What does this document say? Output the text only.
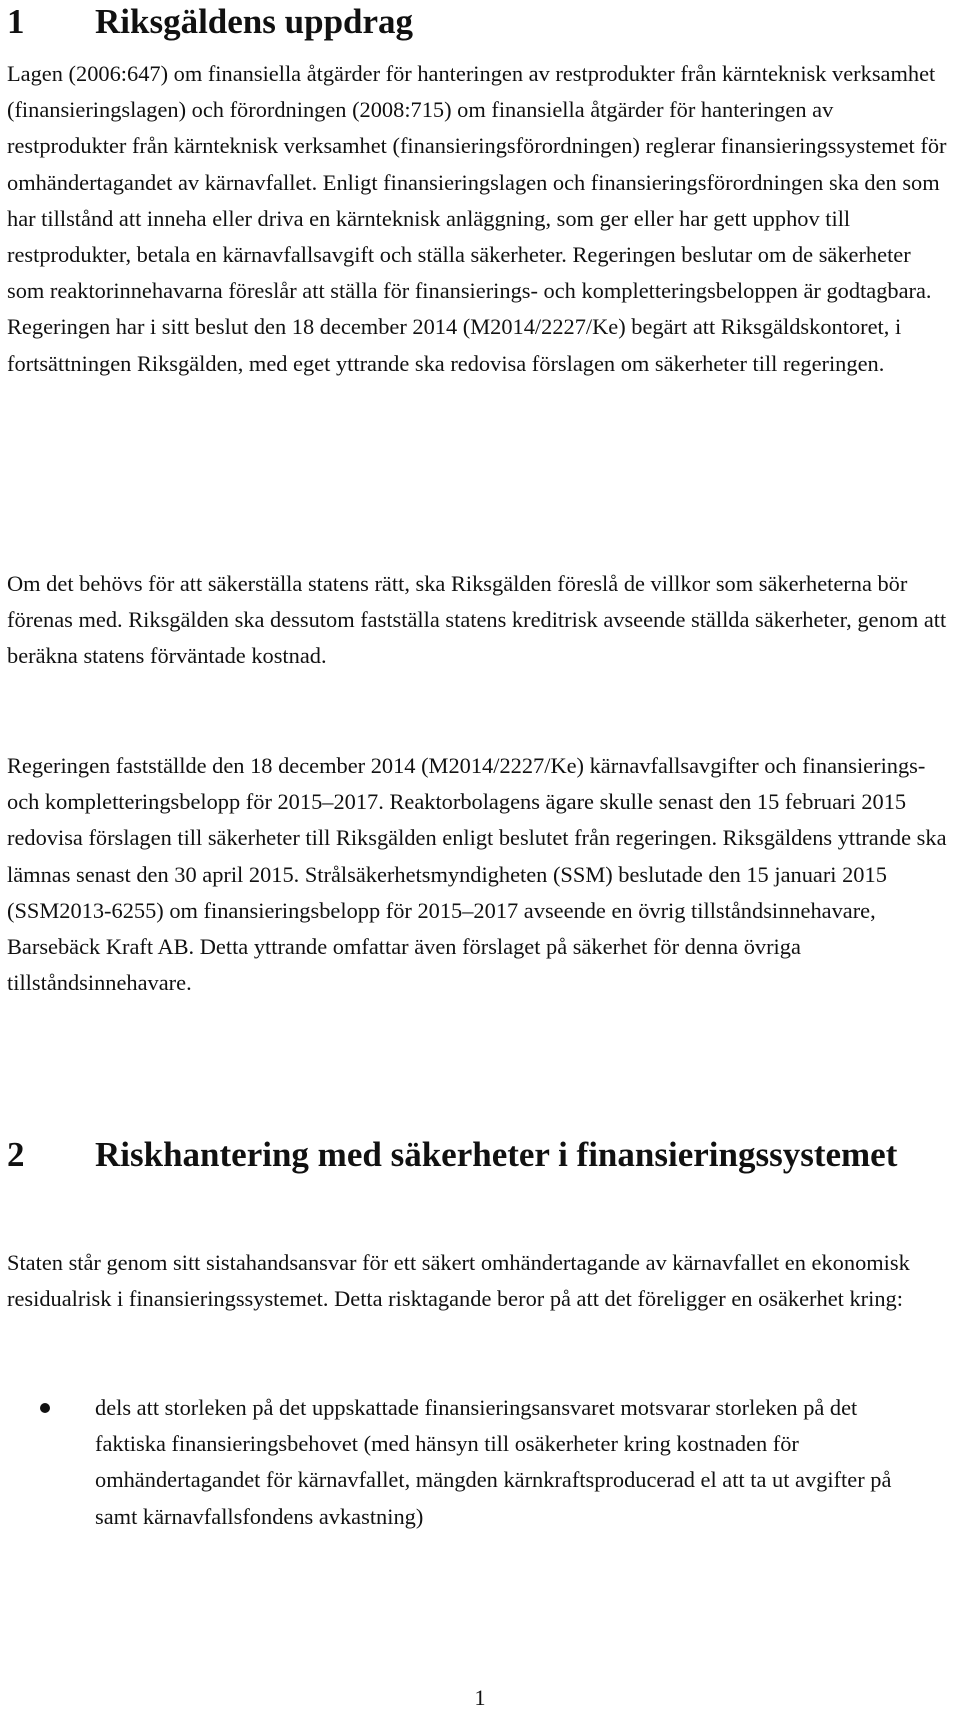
1	Riksgäldens uppdrag

Lagen (2006:647) om finansiella åtgärder för hanteringen av restprodukter från kärnteknisk verksamhet (finansieringslagen) och förordningen (2008:715) om finansiella åtgärder för hanteringen av restprodukter från kärnteknisk verksamhet (finansieringsförordningen) reglerar finansieringssystemet för omhändertagandet av kärnavfallet. Enligt finansieringslagen och finansieringsförordningen ska den som har tillstånd att inneha eller driva en kärnteknisk anläggning, som ger eller har gett upphov till restprodukter, betala en kärnavfallsavgift och ställa säkerheter. Regeringen beslutar om de säkerheter som reaktorinnehavarna föreslår att ställa för finansierings- och kompletteringsbeloppen är godtagbara. Regeringen har i sitt beslut den 18 december 2014 (M2014/2227/Ke) begärt att Riksgäldskontoret, i fortsättningen Riksgälden, med eget yttrande ska redovisa förslagen om säkerheter till regeringen.

Om det behövs för att säkerställa statens rätt, ska Riksgälden föreslå de villkor som säkerheterna bör förenas med. Riksgälden ska dessutom fastställa statens kreditrisk avseende ställda säkerheter, genom att beräkna statens förväntade kostnad.

Regeringen fastställde den 18 december 2014 (M2014/2227/Ke) kärnavfallsavgifter och finansierings- och kompletteringsbelopp för 2015–2017. Reaktorbolagens ägare skulle senast den 15 februari 2015 redovisa förslagen till säkerheter till Riksgälden enligt beslutet från regeringen. Riksgäldens yttrande ska lämnas senast den 30 april 2015. Strålsäkerhetsmyndigheten (SSM) beslutade den 15 januari 2015 (SSM2013-6255) om finansieringsbelopp för 2015–2017 avseende en övrig tillståndsinnehavare, Barsebäck Kraft AB. Detta yttrande omfattar även förslaget på säkerhet för denna övriga tillståndsinnehavare.

2	Riskhantering med säkerheter i finansieringssystemet

Staten står genom sitt sistahandsansvar för ett säkert omhändertagande av kärnavfallet en ekonomisk residualrisk i finansieringssystemet. Detta risktagande beror på att det föreligger en osäkerhet kring:

dels att storleken på det uppskattade finansieringsansvaret motsvarar storleken på det faktiska finansieringsbehovet (med hänsyn till osäkerheter kring kostnaden för omhändertagandet för kärnavfallet, mängden kärnkraftsproducerad el att ta ut avgifter på samt kärnavfallsfondens avkastning)
1
